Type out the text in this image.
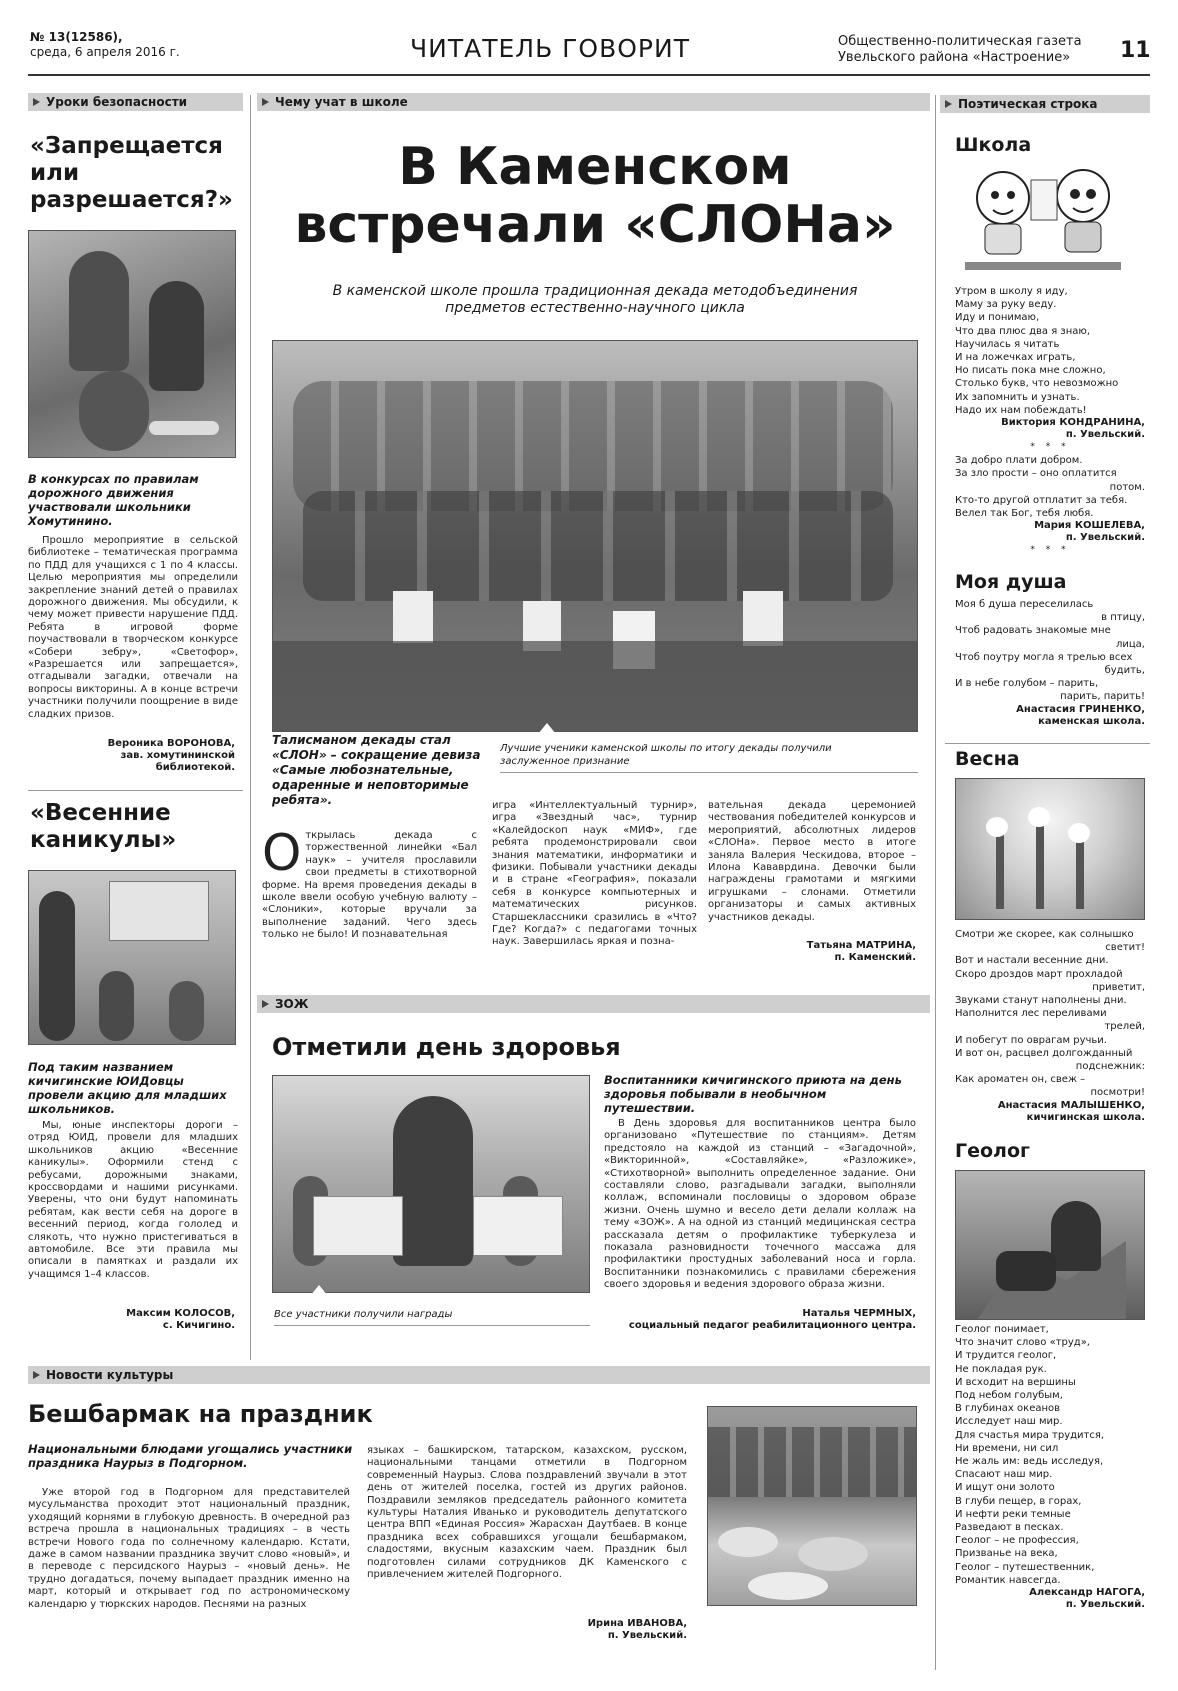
№ 13(12586),
среда, 6 апреля 2016 г.	ЧИТАТЕЛЬ ГОВОРИТ	Общественно-политическая газета
Увельского района «Настроение» 11
Уроки безопасности
«Запрещается или разрешается?»
В конкурсах по правилам дорожного движения участвовали школьники Хомутинино.

Прошло мероприятие в сельской библиотеке – тематическая программа по ПДД для учащихся с 1 по 4 классы. Целью мероприятия мы определили закрепление знаний детей о правилах дорожного движения. Мы обсудили, к чему может привести нарушение ПДД. Ребята в игровой форме поучаствовали в творческом конкурсе «Собери зебру», «Светофор», «Разрешается или запрещается», отгадывали загадки, отвечали на вопросы викторины. А в конце встречи участники получили поощрение в виде сладких призов.

Вероника ВОРОНОВА,
зав. хомутининской
библиотекой.
«Весенние каникулы»
Под таким названием кичигинские ЮИДовцы провели акцию для младших школьников.

Мы, юные инспекторы дороги – отряд ЮИД, провели для младших школьников акцию «Весенние каникулы». Оформили стенд с ребусами, дорожными знаками, кроссвордами и нашими рисунками. Уверены, что они будут напоминать ребятам, как вести себя на дороге в весенний период, когда гололед и слякоть, что нужно пристегиваться в автомобиле. Все эти правила мы описали в памятках и раздали их учащимся 1–4 классов.

Максим КОЛОСОВ,
с. Кичигино.
Чему учат в школе
В Каменском
встречали «СЛОНа»
В каменской школе прошла традиционная декада методобъединения предметов естественно-научного цикла
Лучшие ученики каменской школы по итогу декады получили заслуженное признание
Талисманом декады стал «СЛОН» – сокращение девиза «Самые любознательные, одаренные и неповторимые ребята».
Открылась декада с торжественной линейки «Бал наук» – учителя прославили свои предметы в стихотворной форме. На время проведения декады в школе ввели особую учебную валюту – «Слоники», которые вручали за выполнение заданий. Чего здесь только не было! И познавательная
игра «Интеллектуальный турнир», игра «Звездный час», турнир «Калейдоскоп наук «МИФ», где ребята продемонстрировали свои знания математики, информатики и физики. Побывали участники декады и в стране «География», показали себя в конкурсе компьютерных и математических рисунков. Старшеклассники сразились в «Что? Где? Когда?» с педагогами точных наук. Завершилась яркая и позна-
вательная декада церемонией чествования победителей конкурсов и мероприятий, абсолютных лидеров «СЛОНа». Первое место в итоге заняла Валерия Ческидова, второе – Илона Кававрдина. Девочки были награждены грамотами и мягкими игрушками – слонами. Отметили организаторы и самых активных участников декады.
Татьяна МАТРИНА,
п. Каменский.
ЗОЖ
Отметили день здоровья
Все участники получили награды
Воспитанники кичигинского приюта на день здоровья побывали в необычном путешествии.

В День здоровья для воспитанников центра было организовано «Путешествие по станциям». Детям предстояло на каждой из станций – «Загадочной», «Викторинной», «Составляйке», «Разложике», «Стихотворной» выполнить определенное задание. Они составляли слово, разгадывали загадки, выполняли коллаж, вспоминали пословицы о здоровом образе жизни. Очень шумно и весело дети делали коллаж на тему «ЗОЖ». А на одной из станций медицинская сестра рассказала детям о профилактике туберкулеза и показала разновидности точечного массажа для профилактики простудных заболеваний носа и горла. Воспитанники познакомились с правилами сбережения своего здоровья и ведения здорового образа жизни.

Наталья ЧЕРМНЫХ,
социальный педагог реабилитационного центра.
Новости культуры
Бешбармак на праздник
Национальными блюдами угощались участники праздника Наурыз в Подгорном.

Уже второй год в Подгорном для представителей мусульманства проходит этот национальный праздник, уходящий корнями в глубокую древность. В очередной раз встреча прошла в национальных традициях – в честь встречи Нового года по солнечному календарю. Кстати, даже в самом названии праздника звучит слово «новый», и в переводе с персидского Наурыз – «новый день». Не трудно догадаться, почему выпадает праздник именно на март, который и открывает год по астрономическому календарю у тюркских народов. Песнями на разных

языках – башкирском, татарском, казахском, русском, национальными танцами отметили в Подгорном современный Наурыз. Слова поздравлений звучали в этот день от жителей поселка, гостей из других районов. Поздравили земляков председатель районного комитета культуры Наталия Иванько и руководитель депутатского центра ВПП «Единая Россия» Жарасхан Даутбаев. В конце праздника всех собравшихся угощали бешбармаком, сладостями, вкусным казахским чаем. Праздник был подготовлен силами сотрудников ДК Каменского с привлечением жителей Подгорного.
Ирина ИВАНОВА,
п. Увельский.
Поэтическая строка
Школа
Утром в школу я иду,
Маму за руку веду.
Иду и понимаю,
Что два плюс два я знаю,
Научилась я читать
И на ложечках играть,
Но писать пока мне сложно,
Столько букв, что невозможно
Их запомнить и узнать.
Надо их нам побеждать!
Виктория КОНДРАНИНА,
п. Увельский.
* * *
За добро плати добром.
За зло прости – оно оплатится
потом.
Кто-то другой отплатит за тебя.
Велел так Бог, тебя любя.
Мария КОШЕЛЕВА,
п. Увельский.
* * *
Моя душа
Моя б душа переселилась
в птицу,
Чтоб радовать знакомые мне
лица,
Чтоб поутру могла я трелью всех
будить,
И в небе голубом – парить,
парить, парить!
Анастасия ГРИНЕНКО,
каменская школа.
Весна
Смотри же скорее, как солнышко
светит!
Вот и настали весенние дни.
Скоро дроздов март прохладой
приветит,
Звуками станут наполнены дни.
Наполнится лес переливами
трелей,
И побегут по оврагам ручьи.
И вот он, расцвел долгожданный
подснежник:
Как ароматен он, свеж –
посмотри!
Анастасия МАЛЫШЕНКО,
кичигинская школа.
Геолог
Геолог понимает,
Что значит слово «труд»,
И трудится геолог,
Не покладая рук.
И всходит на вершины
Под небом голубым,
В глубинах океанов
Исследует наш мир.
Для счастья мира трудится,
Ни времени, ни сил
Не жаль им: ведь исследуя,
Спасают наш мир.
И ищут они золото
В глуби пещер, в горах,
И нефти реки темные
Разведают в песках.
Геолог – не профессия,
Призванье на века,
Геолог – путешественник,
Романтик навсегда.
Александр НАГОГА,
п. Увельский.
